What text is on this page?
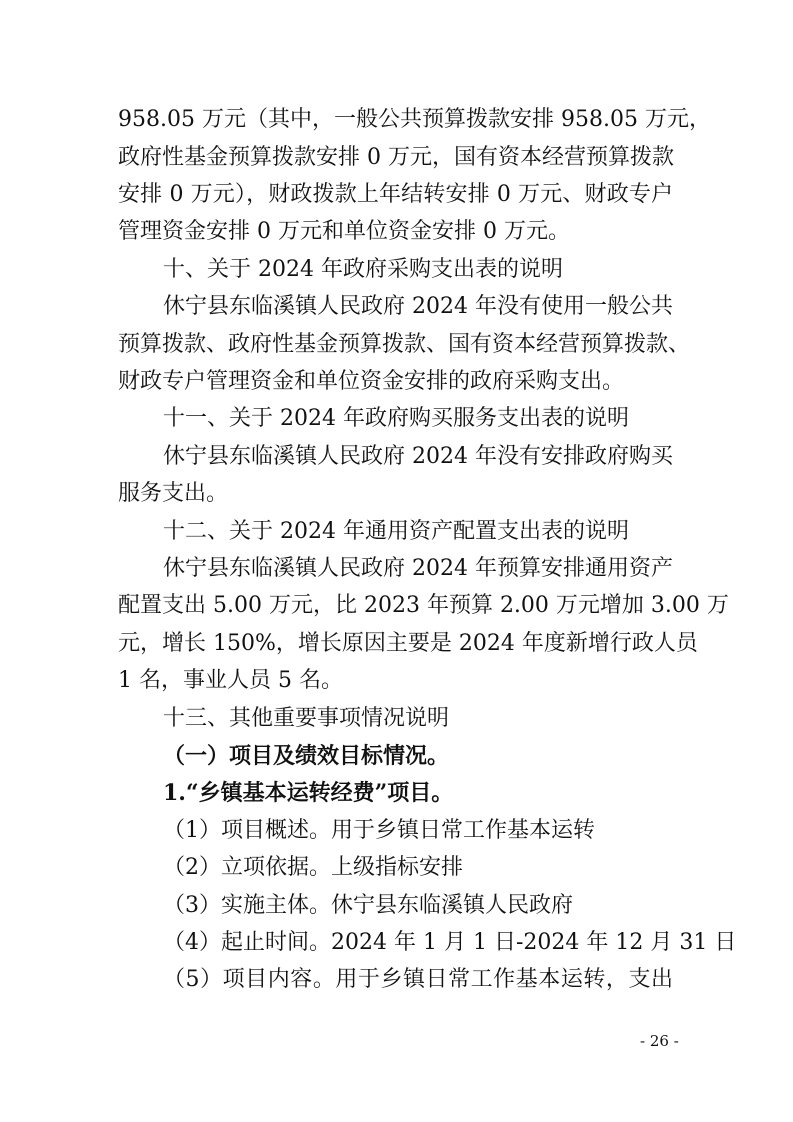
958.05 万元（其中，一般公共预算拨款安排 958.05 万元，
政府性基金预算拨款安排 0 万元，国有资本经营预算拨款
安排 0 万元），财政拨款上年结转安排 0 万元、财政专户
管理资金安排 0 万元和单位资金安排 0 万元。
十、关于 2024 年政府采购支出表的说明
休宁县东临溪镇人民政府 2024 年没有使用一般公共
预算拨款、政府性基金预算拨款、国有资本经营预算拨款、
财政专户管理资金和单位资金安排的政府采购支出。
十一、关于 2024 年政府购买服务支出表的说明
休宁县东临溪镇人民政府 2024 年没有安排政府购买
服务支出。
十二、关于 2024 年通用资产配置支出表的说明
休宁县东临溪镇人民政府 2024 年预算安排通用资产
配置支出 5.00 万元，比 2023 年预算 2.00 万元增加 3.00 万
元，增长 150%，增长原因主要是 2024 年度新增行政人员
1 名，事业人员 5 名。
十三、其他重要事项情况说明
（一）项目及绩效目标情况。
1.“乡镇基本运转经费”项目。
（1）项目概述。用于乡镇日常工作基本运转
（2）立项依据。上级指标安排
（3）实施主体。休宁县东临溪镇人民政府
（4）起止时间。2024 年 1 月 1 日-2024 年 12 月 31 日
（5）项目内容。用于乡镇日常工作基本运转，支出
- 26 -
